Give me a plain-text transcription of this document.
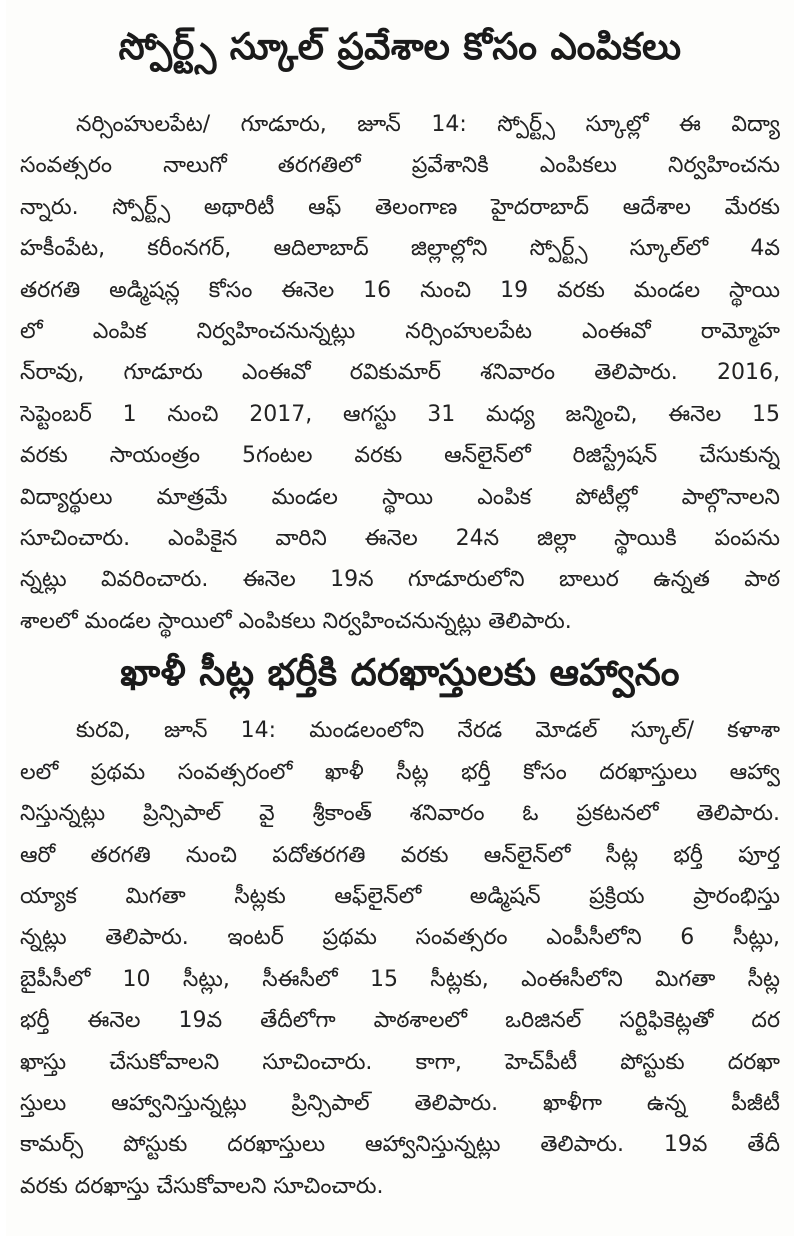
స్పోర్ట్స్ స్కూల్ ప్రవేశాల కోసం ఎంపికలు
నర్సింహులపేట/ గూడూరు, జూన్ 14: స్పోర్ట్స్ స్కూల్లో ఈ విద్యా
సంవత్సరం నాలుగో తరగతిలో ప్రవేశానికి ఎంపికలు నిర్వహించను
న్నారు. స్పోర్ట్స్ అథారిటీ ఆఫ్ తెలంగాణ హైదరాబాద్ ఆదేశాల మేరకు
హకీంపేట, కరీంనగర్, ఆదిలాబాద్ జిల్లాల్లోని స్పోర్ట్స్ స్కూల్‌లో 4వ
తరగతి అడ్మిషన్ల కోసం ఈనెల 16 నుంచి 19 వరకు మండల స్థాయి
లో ఎంపిక నిర్వహించనున్నట్లు నర్సింహులపేట ఎంఈవో రామ్మోహ
న్‌రావు, గూడూరు ఎంఈవో రవికుమార్ శనివారం తెలిపారు. 2016,
సెప్టెంబర్ 1 నుంచి 2017, ఆగస్టు 31 మధ్య జన్మించి, ఈనెల 15
వరకు సాయంత్రం 5గంటల వరకు ఆన్‌లైన్‌లో రిజిస్ట్రేషన్ చేసుకున్న
విద్యార్థులు మాత్రమే మండల స్థాయి ఎంపిక పోటీల్లో పాల్గొనాలని
సూచించారు. ఎంపికైన వారిని ఈనెల 24న జిల్లా స్థాయికి పంపను
న్నట్లు వివరించారు. ఈనెల 19న గూడూరులోని బాలుర ఉన్నత పాఠ
శాలలో మండల స్థాయిలో ఎంపికలు నిర్వహించనున్నట్లు తెలిపారు.
ఖాళీ సీట్ల భర్తీకి దరఖాస్తులకు ఆహ్వానం
కురవి, జూన్ 14: మండలంలోని నేరడ మోడల్ స్కూల్/ కళాశా
లలో ప్రథమ సంవత్సరంలో ఖాళీ సీట్ల భర్తీ కోసం దరఖాస్తులు ఆహ్వా
నిస్తున్నట్లు ప్రిన్సిపాల్ వై శ్రీకాంత్ శనివారం ఓ ప్రకటనలో తెలిపారు.
ఆరో తరగతి నుంచి పదోతరగతి వరకు ఆన్‌లైన్‌లో సీట్ల భర్తీ పూర్త
య్యాక మిగతా సీట్లకు ఆఫ్‌లైన్‌లో అడ్మిషన్ ప్రక్రియ ప్రారంభిస్తు
న్నట్లు తెలిపారు. ఇంటర్ ప్రథమ సంవత్సరం ఎంపీసీలోని 6 సీట్లు,
బైపీసీలో 10 సీట్లు, సీఈసీలో 15 సీట్లకు, ఎంఈసీలోని మిగతా సీట్ల
భర్తీ ఈనెల 19వ తేదీలోగా పాఠశాలలో ఒరిజినల్ సర్టిఫికెట్లతో దర
ఖాస్తు చేసుకోవాలని సూచించారు. కాగా, హెచ్‌పీటీ పోస్టుకు దరఖా
స్తులు ఆహ్వానిస్తున్నట్లు ప్రిన్సిపాల్ తెలిపారు. ఖాళీగా ఉన్న పీజీటీ
కామర్స్ పోస్టుకు దరఖాస్తులు ఆహ్వానిస్తున్నట్లు తెలిపారు. 19వ తేదీ
వరకు దరఖాస్తు చేసుకోవాలని సూచించారు.
